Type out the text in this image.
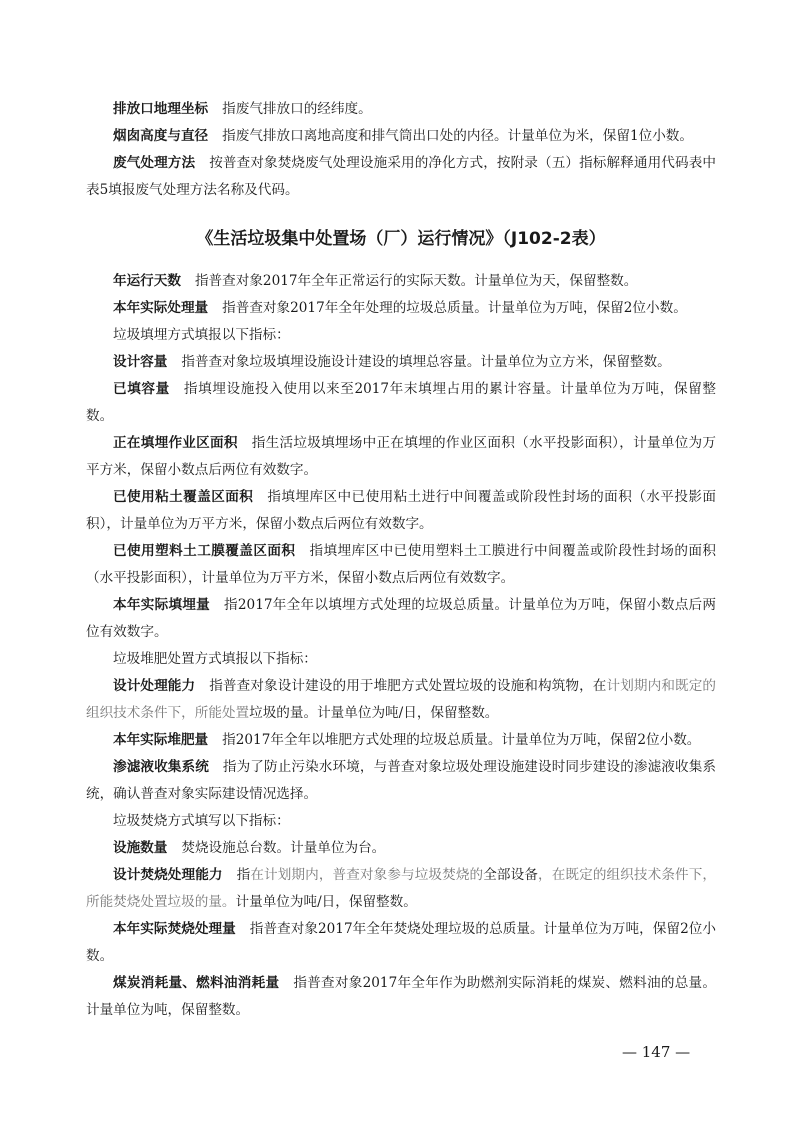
排放口地理坐标 指废气排放口的经纬度。

烟囱高度与直径 指废气排放口离地高度和排气筒出口处的内径。计量单位为米，保留1位小数。

废气处理方法 按普查对象焚烧废气处理设施采用的净化方式，按附录（五）指标解释通用代码表中表5填报废气处理方法名称及代码。

《生活垃圾集中处置场（厂）运行情况》（J102-2表）

年运行天数 指普查对象2017年全年正常运行的实际天数。计量单位为天，保留整数。

本年实际处理量 指普查对象2017年全年处理的垃圾总质量。计量单位为万吨，保留2位小数。

垃圾填埋方式填报以下指标：

设计容量 指普查对象垃圾填埋设施设计建设的填埋总容量。计量单位为立方米，保留整数。

已填容量 指填埋设施投入使用以来至2017年末填埋占用的累计容量。计量单位为万吨，保留整数。

正在填埋作业区面积 指生活垃圾填埋场中正在填埋的作业区面积（水平投影面积），计量单位为万平方米，保留小数点后两位有效数字。

已使用粘土覆盖区面积 指填埋库区中已使用粘土进行中间覆盖或阶段性封场的面积（水平投影面积），计量单位为万平方米，保留小数点后两位有效数字。

已使用塑料土工膜覆盖区面积 指填埋库区中已使用塑料土工膜进行中间覆盖或阶段性封场的面积（水平投影面积），计量单位为万平方米，保留小数点后两位有效数字。

本年实际填埋量 指2017年全年以填埋方式处理的垃圾总质量。计量单位为万吨，保留小数点后两位有效数字。

垃圾堆肥处置方式填报以下指标：

设计处理能力 指普查对象设计建设的用于堆肥方式处置垃圾的设施和构筑物，在计划期内和既定的组织技术条件下，所能处置垃圾的量。计量单位为吨/日，保留整数。

本年实际堆肥量 指2017年全年以堆肥方式处理的垃圾总质量。计量单位为万吨，保留2位小数。

渗滤液收集系统 指为了防止污染水环境，与普查对象垃圾处理设施建设时同步建设的渗滤液收集系统，确认普查对象实际建设情况选择。

垃圾焚烧方式填写以下指标：

设施数量 焚烧设施总台数。计量单位为台。

设计焚烧处理能力 指在计划期内，普查对象参与垃圾焚烧的全部设备，在既定的组织技术条件下，所能焚烧处置垃圾的量。计量单位为吨/日，保留整数。

本年实际焚烧处理量 指普查对象2017年全年焚烧处理垃圾的总质量。计量单位为万吨，保留2位小数。

煤炭消耗量、燃料油消耗量 指普查对象2017年全年作为助燃剂实际消耗的煤炭、燃料油的总量。计量单位为吨，保留整数。

— 147 —
